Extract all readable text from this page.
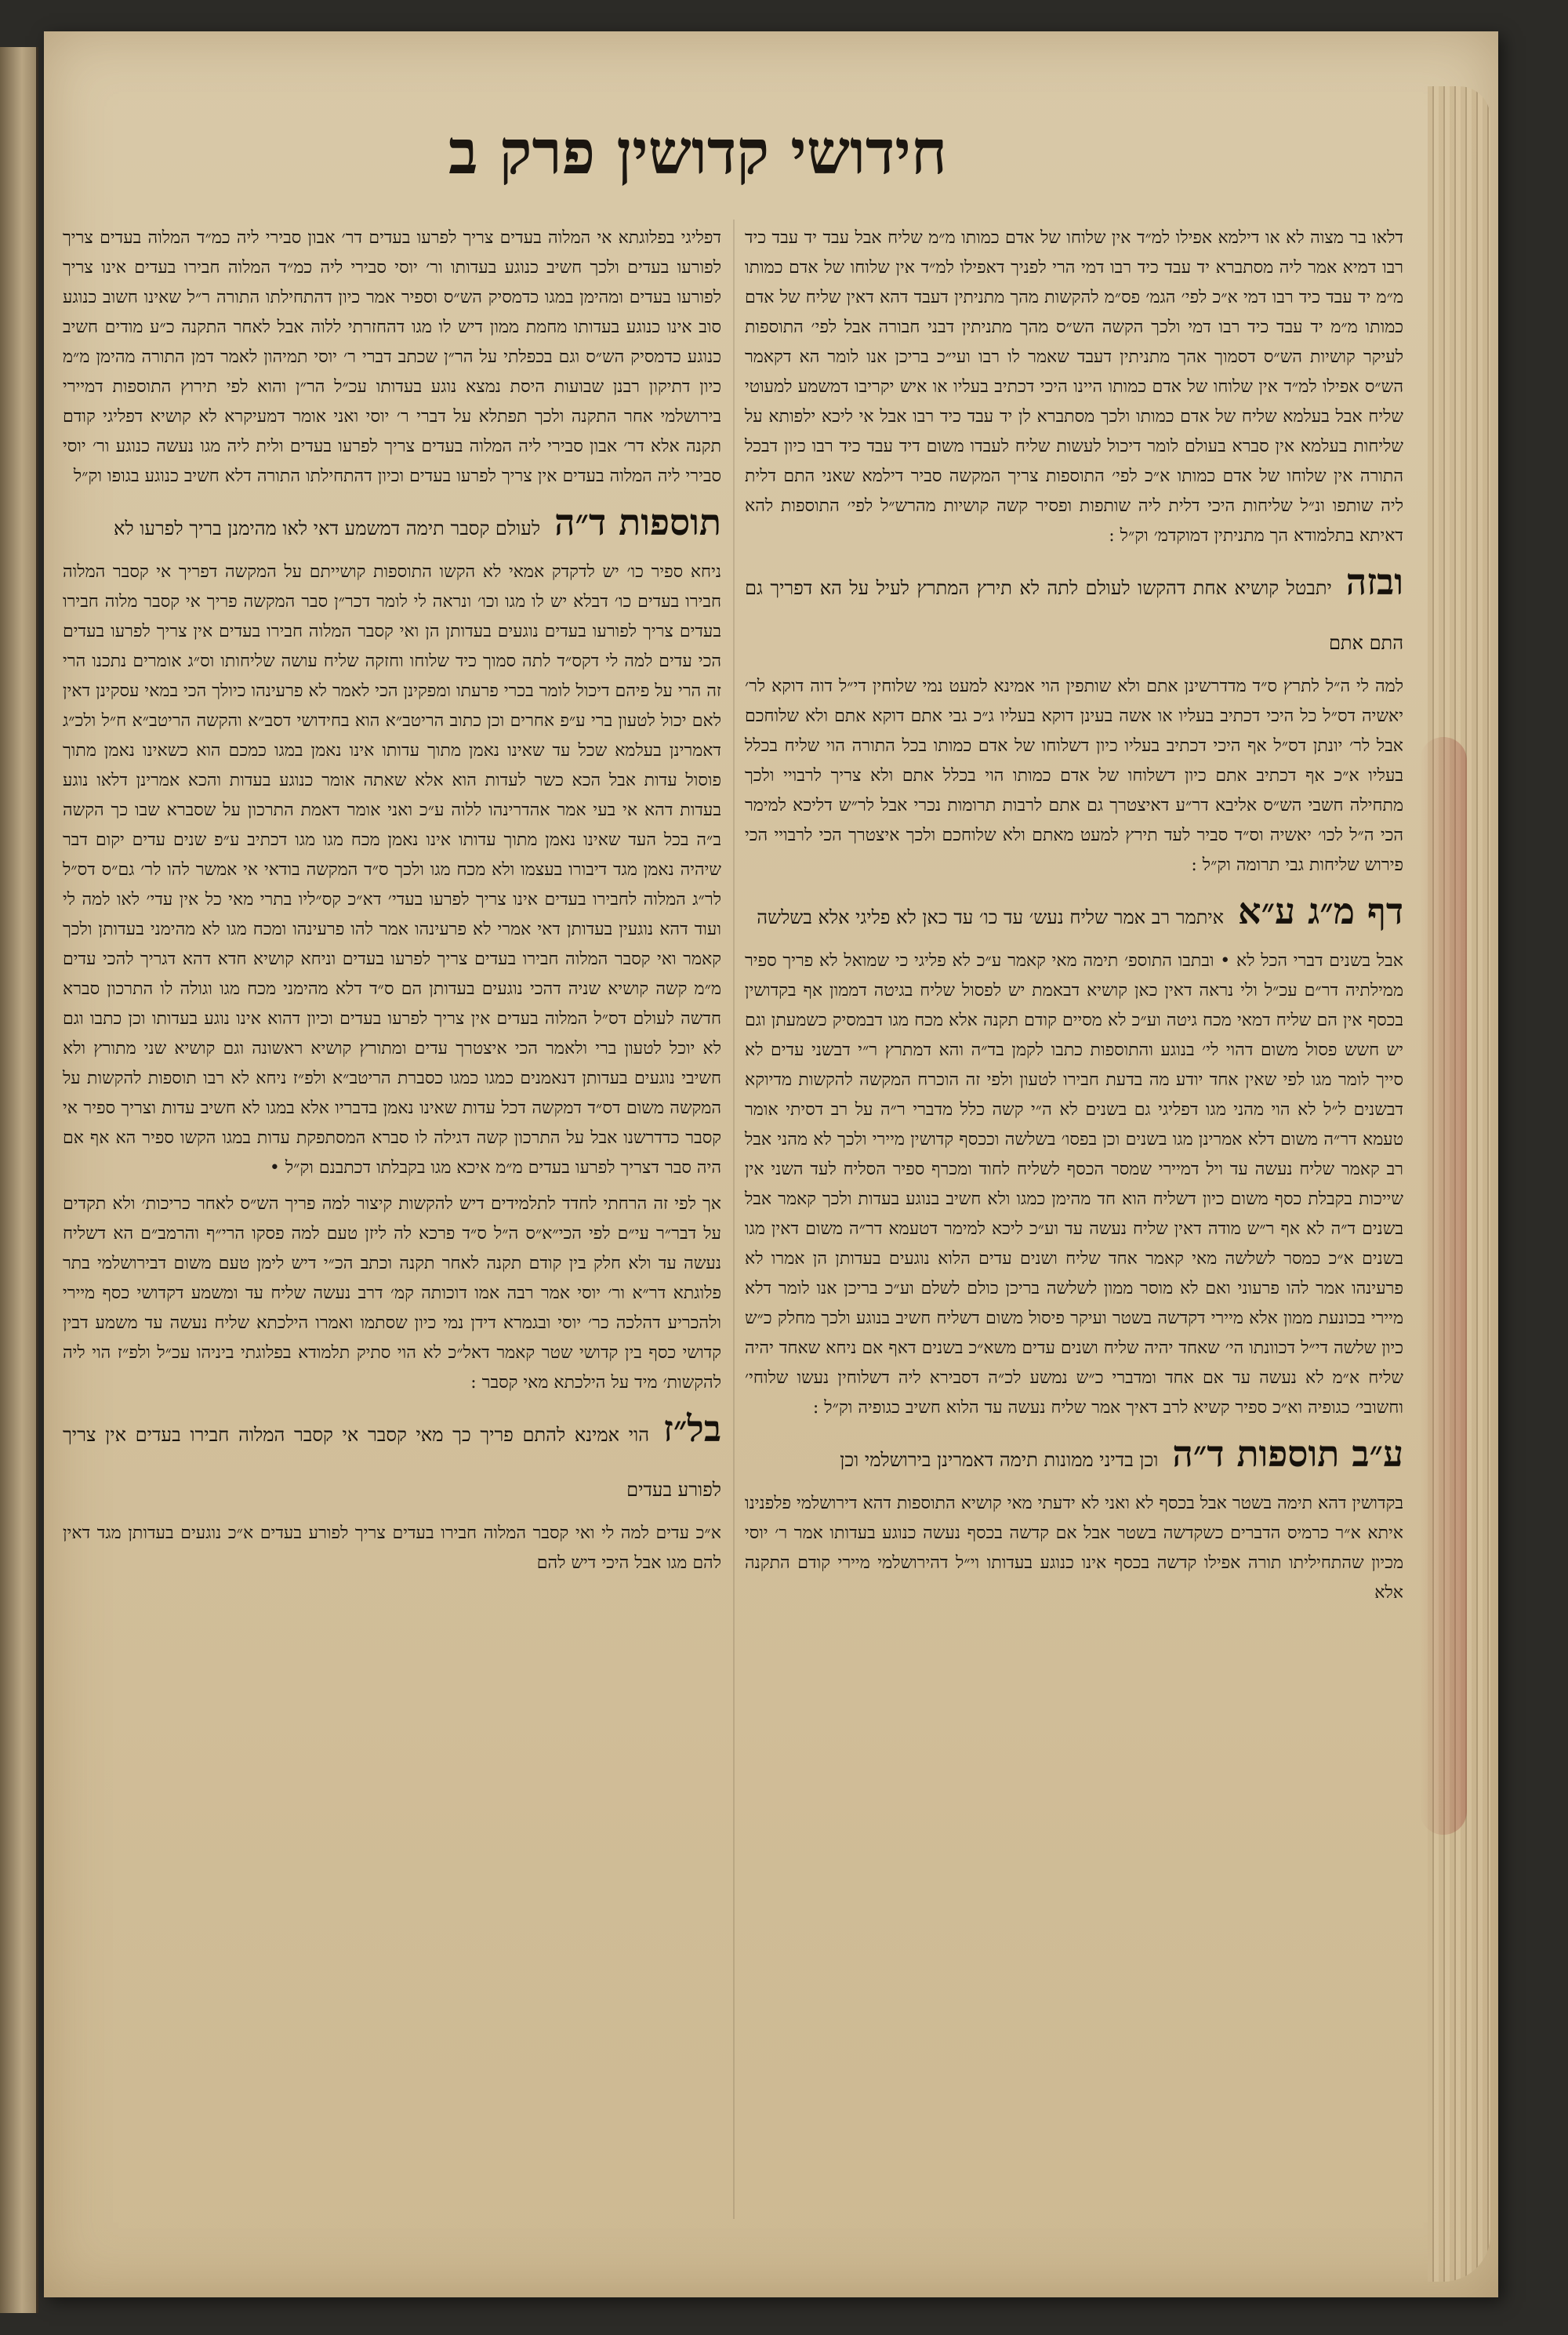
חידושי קדושין פרק ב

דלאו בר מצוה לא או דילמא אפילו למ״ד אין שלוחו של אדם כמותו מ״מ שליח אבל עבד יד עבד כיד רבו דמיא אמר ליה מסתברא יד עבד כיד רבו דמי הרי לפניך דאפילו למ״ד אין שלוחו של אדם כמותו מ״מ יד עבד כיד רבו דמי א״כ לפי׳ הגמ׳ פס״מ להקשות מהך מתניתין דעבד דהא דאין שליח של אדם כמותו מ״מ יד עבד כיד רבו דמי ולכך הקשה הש״ס מהך מתניתין דבני חבורה אבל לפי׳ התוספות לעיקר קושיות הש״ס דסמוך אהך מתניתין דעבד שאמר לו רבו ועי״כ בריכן אנו לומר הא דקאמר הש״ס אפילו למ״ד אין שלוחו של אדם כמותו היינו היכי דכתיב בעליו או איש יקריבו דמשמע למעוטי שליח אבל בעלמא שליח של אדם כמותו ולכך מסתברא לן יד עבד כיד רבו אבל אי ליכא ילפותא על שליחות בעלמא אין סברא בעולם לומר דיכול לעשות שליח לעבדו משום דיד עבד כיד רבו כיון דבכל התורה אין שלוחו של אדם כמותו א״כ לפי׳ התוספות צריך המקשה סביר דילמא שאני התם דלית ליה שותפו ונ״ל שליחות היכי דלית ליה שותפות ופסיר קשה קושיות מהרש״ל לפי׳ התוספות להא דאיתא בתלמודא הך מתניתין דמוקדמ׳ וק״ל :

ובזהיתבטל קושיא אחת דהקשו לעולם לתה לא תירץ המתרץ לעיל על הא דפריך גם התם אתם

למה לי ה״ל לתרץ ס״ד מדדרשינן אתם ולא שותפין הוי אמינא למעט נמי שלוחין די״ל דוה דוקא לר׳ יאשיה דס״ל כל היכי דכתיב בעליו או אשה בעינן דוקא בעליו ג״כ גבי אתם דוקא אתם ולא שלוחכם אבל לר׳ יונתן דס״ל אף היכי דכתיב בעליו כיון דשלוחו של אדם כמותו בכל התורה הוי שליח בכלל בעליו א״כ אף דכתיב אתם כיון דשלוחו של אדם כמותו הוי בכלל אתם ולא צריך לרבויי ולכך מתחילה חשבי הש״ס אליבא דר״ע דאיצטרך גם אתם לרבות תרומות נכרי אבל לר״ש דליכא למימר הכי ה״ל לכו׳ יאשיה וס״ד סביר לעד תירץ למעט מאתם ולא שלוחכם ולכך איצטרך הכי לרבויי הכי פירוש שליחות גבי תרומה וק״ל :

דף מ״ג ע״אאיתמר רב אמר שליח נעש׳ עד כו׳ עד כאן לא פליגי אלא בשלשה

אבל בשנים דברי הכל לא • ובתבו התוספ׳ תימה מאי קאמר ע״כ לא פליגי כי שמואל לא פריך ספיר ממילתיה דר״ם עכ״ל ולי נראה דאין כאן קושיא דבאמת יש לפסול שליח בגיטה דממון אף בקדושין בכסף אין הם שליח דמאי מכח גיטה וע״כ לא מסיים קודם תקנה אלא מכח מגו דבמסיק כשמעתן וגם יש חשש פסול משום דהוי לי׳ בנוגע והתוספות כתבו לקמן בד״ה והא דמתרץ ר״י דבשני עדים לא סייך לומר מגו לפי שאין אחד יודע מה בדעת חבירו לטעון ולפי זה הוכרח המקשה להקשות מדיוקא דבשנים ל״ל לא הוי מהני מגו דפליגי גם בשנים לא ה״י קשה כלל מדברי ר״ה על רב דסיתי אומר טעמא דר״ה משום דלא אמרינן מגו בשנים וכן בפסו׳ בשלשה וככסף קדושין מיירי ולכך לא מהני אבל רב קאמר שליח נעשה עד ויל דמיירי שמסר הכסף לשליח לחוד ומכרף ספיר הסליח לעד השני אין שייכות בקבלת כסף משום כיון דשליח הוא חד מהימן כמגו ולא חשיב בנוגע בעדות ולכך קאמר אבל בשנים ד״ה לא אף ר״ש מודה דאין שליח נעשה עד וע״כ ליכא למימר דטעמא דר״ה משום דאין מגו בשנים א״כ כמסר לשלשה מאי קאמר אחד שליח ושנים עדים הלוא נוגעים בעדותן הן אמרו לא פרעינהו אמר להו פרעוני ואם לא מוסר ממון לשלשה בריכן כולם לשלם וע״כ בריכן אנו לומר דלא מיירי בכונעת ממון אלא מיירי דקדשה בשטר ועיקר פיסול משום דשליח חשיב בנוגע ולכך מחלק כ״ש כיון שלשה די״ל דכוונתו הי׳ שאחד יהיה שליח ושנים עדים משא״כ בשנים דאף אם ניחא שאחד יהיה שליח א״מ לא נעשה עד אם אחד ומדברי כ״ש נמשע לכ״ה דסבירא ליה דשלוחין נעשו שלוחי׳ וחשובי׳ כגופיה וא״כ ספיר קשיא לרב דאיך אמר שליח נעשה עד הלוא חשיב כגופיה וק״ל :

ע״ב תוספות ד״הוכן בדיני ממונות תימה דאמרינן בירושלמי וכן

בקדושין דהא תימה בשטר אבל בכסף לא ואני לא ידעתי מאי קושיא התוספות דהא דירושלמי פלפנינו איתא א״ר כרמיס הדברים כשקדשה בשטר אבל אם קדשה בכסף נעשה כנוגע בעדותו אמר ר׳ יוסי מכיון שהתחיליתו תורה אפילו קדשה בכסף אינו כנוגע בעדותו וי״ל דהירושלמי מיירי קודם התקנה אלא

דפליגי בפלוגתא אי המלוה בעדים צריך לפרעו בעדים דר׳ אבון סבירי ליה כמ״ד המלוה בעדים צריך לפורעו בעדים ולכך חשיב כנוגע בעדותו ור׳ יוסי סבירי ליה כמ״ד המלוה חבירו בעדים אינו צריך לפורעו בעדים ומהימן במגו כדמסיק הש״ס וספיר אמר כיון דהתחילתו התורה ר״ל שאינו חשוב כנוגע סוב אינו כנוגע בעדותו מחמת ממון דיש לו מגו דהחזרתי ללוה אבל לאחר התקנה כ״ע מודים חשיב כנוגע כדמסיק הש״ס וגם בכפלתי על הר״ן שכתב דברי ר׳ יוסי תמיהון לאמר דמן התורה מהימן מ״מ כיון דתיקון רבנן שבועות היסת נמצא נוגע בעדותו עכ״ל הר״ן והוא לפי תירוץ התוספות דמיירי בירושלמי אחר התקנה ולכך תפתלא על דברי ר׳ יוסי ואני אומר דמעיקרא לא קושיא דפליגי קודם תקנה אלא דר׳ אבון סבירי ליה המלוה בעדים צריך לפרעו בעדים ולית ליה מגו נעשה כנוגע ור׳ יוסי סבירי ליה המלוה בעדים אין צריך לפרעו בעדים וכיון דהתחילתו התורה דלא חשיב כנוגע בגופו וק״ל

תוספות ד״הלעולם קסבר תימה דמשמע דאי לאו מהימנן בריך לפרעו לא

ניחא ספיר כו׳ יש לדקדק אמאי לא הקשו התוספות קושייתם על המקשה דפריך אי קסבר המלוה חבירו בעדים כו׳ דבלא יש לו מגו וכו׳ ונראה לי לומר דכר״ן סבר המקשה פריך אי קסבר מלוה חבירו בעדים צריך לפורעו בעדים נוגעים בעדותן הן ואי קסבר המלוה חבירו בעדים אין צריך לפרעו בעדים הכי עדים למה לי דקס״ד לתה סמוך כיד שלוחו וחזקה שליח עושה שליחותו וס״ג אומרים נתכנו הרי זה הרי על פיהם דיכול לומר בכרי פרעתו ומפקינן הכי לאמר לא פרעינהו כיולך הכי במאי עסקינן דאין לאם יכול לטעון ברי ע״פ אחרים וכן כתוב הריטב״א הוא בחידושי דסב״א והקשה הריטב״א ח״ל ולכ״ג דאמרינן בעלמא שכל עד שאינו נאמן מתוך עדותו אינו נאמן במגו כמכם הוא כשאינו נאמן מתוך פוסול עדות אבל הכא כשר לעדות הוא אלא שאתה אומר כנוגע בעדות והכא אמרינן דלאו נוגע בעדות דהא אי בעי אמר אהדרינהו ללוה ע״כ ואני אומר דאמת התרכון על שסברא שבו כך הקשה ב״ה בכל העד שאינו נאמן מתוך עדותו אינו נאמן מכח מגו מגו דכתיב ע״פ שנים עדים יקום דבר שיהיה נאמן מגד דיבורו בעצמו ולא מכח מגו ולכך ס״ד המקשה בודאי אי אמשר להו לר׳ גם״ס דס״ל לר״ג המלוה לחבירו בעדים אינו צריך לפרעו בעדי׳ דא״כ קס״ליו בתרי מאי כל אין עדי׳ לאו למה לי ועוד דהא נוגעין בעדותן דאי אמרי לא פרעינהו אמר להו פרעינהו ומכח מגו לא מהימני בעדותן ולכך קאמר ואי קסבר המלוה חבירו בעדים צריך לפרעו בעדים וניחא קושיא חדא דהא דגריך להכי עדים מ״מ קשה קושיא שניה דהכי נוגעים בעדותן הם ס״ד דלא מהימני מכח מגו וגולה לו התרכון סברא חדשה לעולם דס״ל המלוה בעדים אין צריך לפרעו בעדים וכיון דהוא אינו נוגע בעדותו וכן כתבו וגם לא יוכל לטעון ברי ולאמר הכי איצטרך עדים ומתורץ קושיא ראשונה וגם קושיא שני מתורץ ולא חשיבי נוגעים בעדותן דנאמנים כמגו כמגו כסברת הריטב״א ולפ״ז ניחא לא רבו תוספות להקשות על המקשה משום דס״ד דמקשה דכל עדות שאינו נאמן בדבריו אלא במגו לא חשיב עדות וצריך ספיר אי קסבר כדדרשנו אבל על התרכון קשה דגילה לו סברא המסתפקת עדות במגו הקשו ספיר הא אף אם היה סבר דצריך לפרעו בעדים מ״מ איכא מגו בקבלתו דכתבנם וק״ל •

אך לפי זה הרחתי לחדד לתלמידים דיש להקשות קיצור למה פריך הש״ס לאחר כריכות׳ ולא תקדים על דבר״ר עי״ם לפי הכי״א״ס ה״ל ס״ד פרכא לה ליזן טעם למה פסקו הרי״ף והרמב״ם הא דשליח נעשה עד ולא חלק בין קודם תקנה לאחר תקנה וכתב הכ״י דיש לימן טעם משום דבירושלמי בתר פלוגתא דר״א ור׳ יוסי אמר רבה אמו דוכותה קמ׳ דרב נעשה שליח עד ומשמע דקדושי כסף מיירי ולהכריע דהלכה כר׳ יוסי ובגמרא דידן נמי כיון שסתמו ואמרו הילכתא שליח נעשה עד משמע דבין קדושי כסף בין קדושי שטר קאמר דאל״כ לא הוי סתיק תלמודא בפלוגתי ביניהו עכ״ל ולפ״ז הוי ליה להקשות׳ מיד על הילכתא מאי קסבר :

בל״זהוי אמינא להתם פריך כך מאי קסבר אי קסבר המלוה חבירו בעדים אין צריך לפורע בעדים

א״כ עדים למה לי ואי קסבר המלוה חבירו בעדים צריך לפורע בעדים א״כ נוגעים בעדותן מגד דאין להם מגו אבל היכי דיש להם
